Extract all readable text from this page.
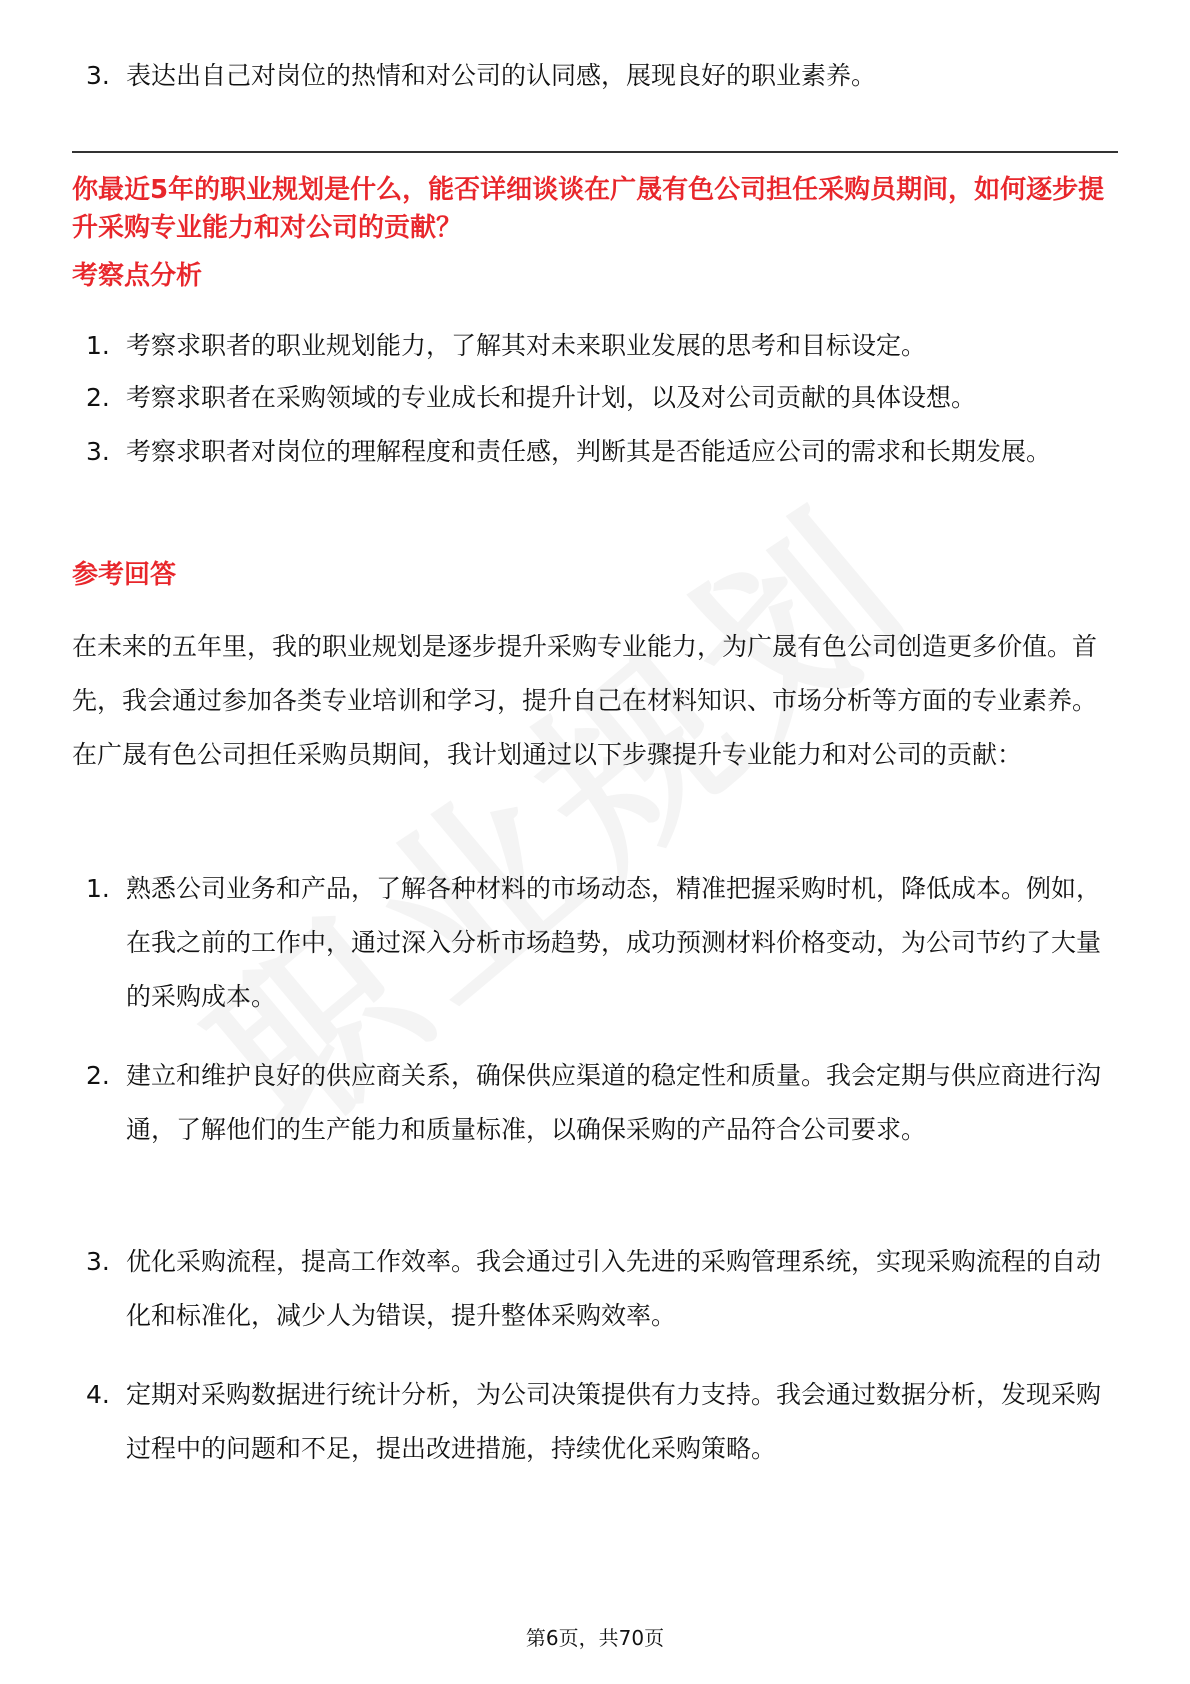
3. 表达出自己对岗位的热情和对公司的认同感，展现良好的职业素养。
你最近5年的职业规划是什么，能否详细谈谈在广晟有色公司担任采购员期间，如何逐步提升采购专业能力和对公司的贡献？
考察点分析
1. 考察求职者的职业规划能力，了解其对未来职业发展的思考和目标设定。
2. 考察求职者在采购领域的专业成长和提升计划，以及对公司贡献的具体设想。
3. 考察求职者对岗位的理解程度和责任感，判断其是否能适应公司的需求和长期发展。
参考回答
在未来的五年里，我的职业规划是逐步提升采购专业能力，为广晟有色公司创造更多价值。首先，我会通过参加各类专业培训和学习，提升自己在材料知识、市场分析等方面的专业素养。在广晟有色公司担任采购员期间，我计划通过以下步骤提升专业能力和对公司的贡献：
1. 熟悉公司业务和产品，了解各种材料的市场动态，精准把握采购时机，降低成本。例如，在我之前的工作中，通过深入分析市场趋势，成功预测材料价格变动，为公司节约了大量的采购成本。
2. 建立和维护良好的供应商关系，确保供应渠道的稳定性和质量。我会定期与供应商进行沟通，了解他们的生产能力和质量标准，以确保采购的产品符合公司要求。
3. 优化采购流程，提高工作效率。我会通过引入先进的采购管理系统，实现采购流程的自动化和标准化，减少人为错误，提升整体采购效率。
4. 定期对采购数据进行统计分析，为公司决策提供有力支持。我会通过数据分析，发现采购过程中的问题和不足，提出改进措施，持续优化采购策略。
第6页，共70页
